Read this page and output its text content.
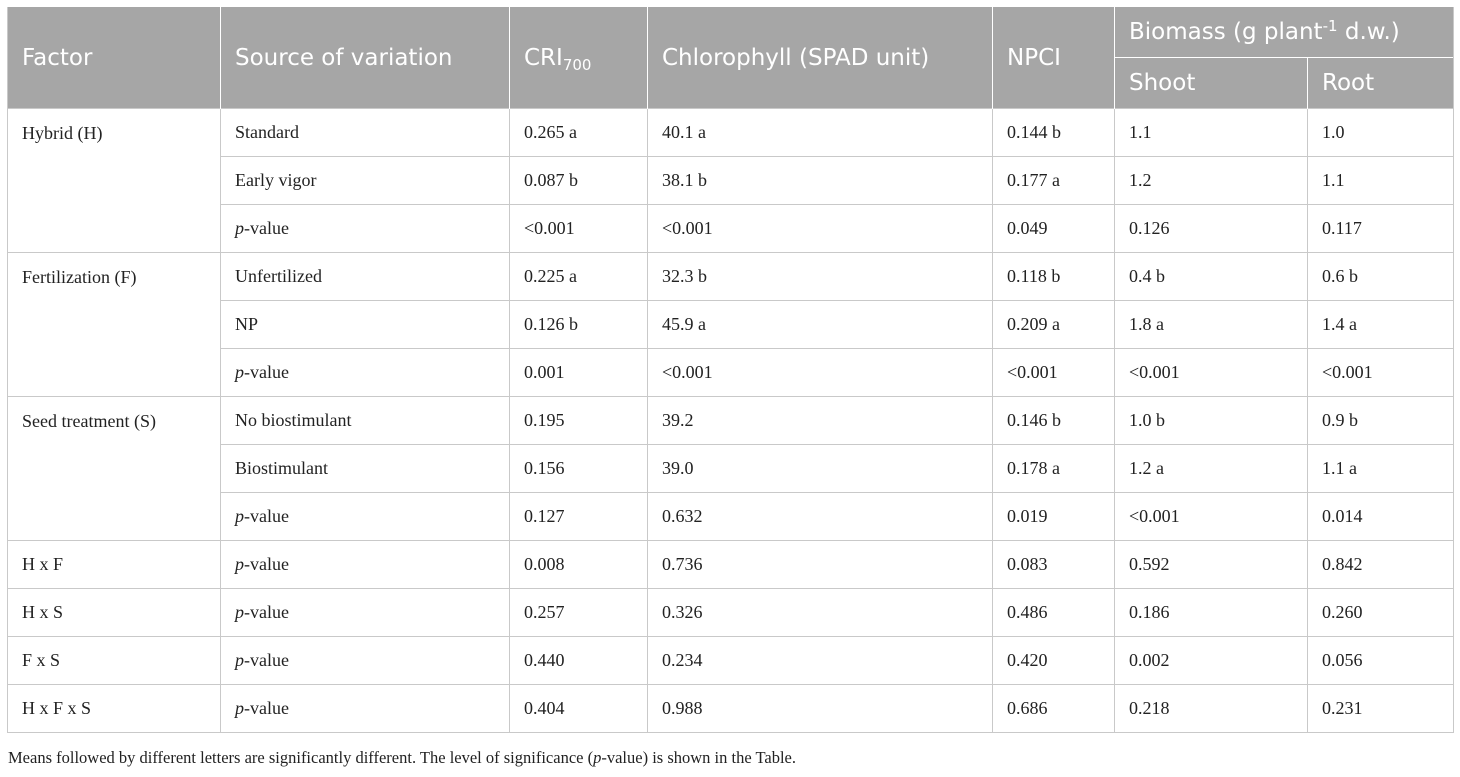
Factor	Source of variation	$CRI_{700}$	Chlorophyll (SPAD unit)	NPCI	Biomass (g plant$^{-1}$ d.w.)	
					Shoot	Root
Hybrid (H)	Standard	0.265 a	40.1 a	0.144 b	1.1	1.0
	Early vigor	0.087 b	38.1 b	0.177 a	1.2	1.1
	p-value	<0.001	<0.001	0.049	0.126	0.117
Fertilization (F)	Unfertilized	0.225 a	32.3 b	0.118 b	0.4 b	0.6 b
	NP	0.126 b	45.9 a	0.209 a	1.8 a	1.4 a
	p-value	0.001	<0.001	<0.001	<0.001	<0.001
Seed treatment (S)	No biostimulant	0.195	39.2	0.146 b	1.0 b	0.9 b
	Biostimulant	0.156	39.0	0.178 a	1.2 a	1.1 a
	p-value	0.127	0.632	0.019	<0.001	0.014
H x F	p-value	0.008	0.736	0.083	0.592	0.842
H x S	p-value	0.257	0.326	0.486	0.186	0.260
F x S	p-value	0.440	0.234	0.420	0.002	0.056
H x F x S	p-value	0.404	0.988	0.686	0.218	0.231
Means followed by different letters are significantly different. The level of significance (p-value) is shown in the Table.
